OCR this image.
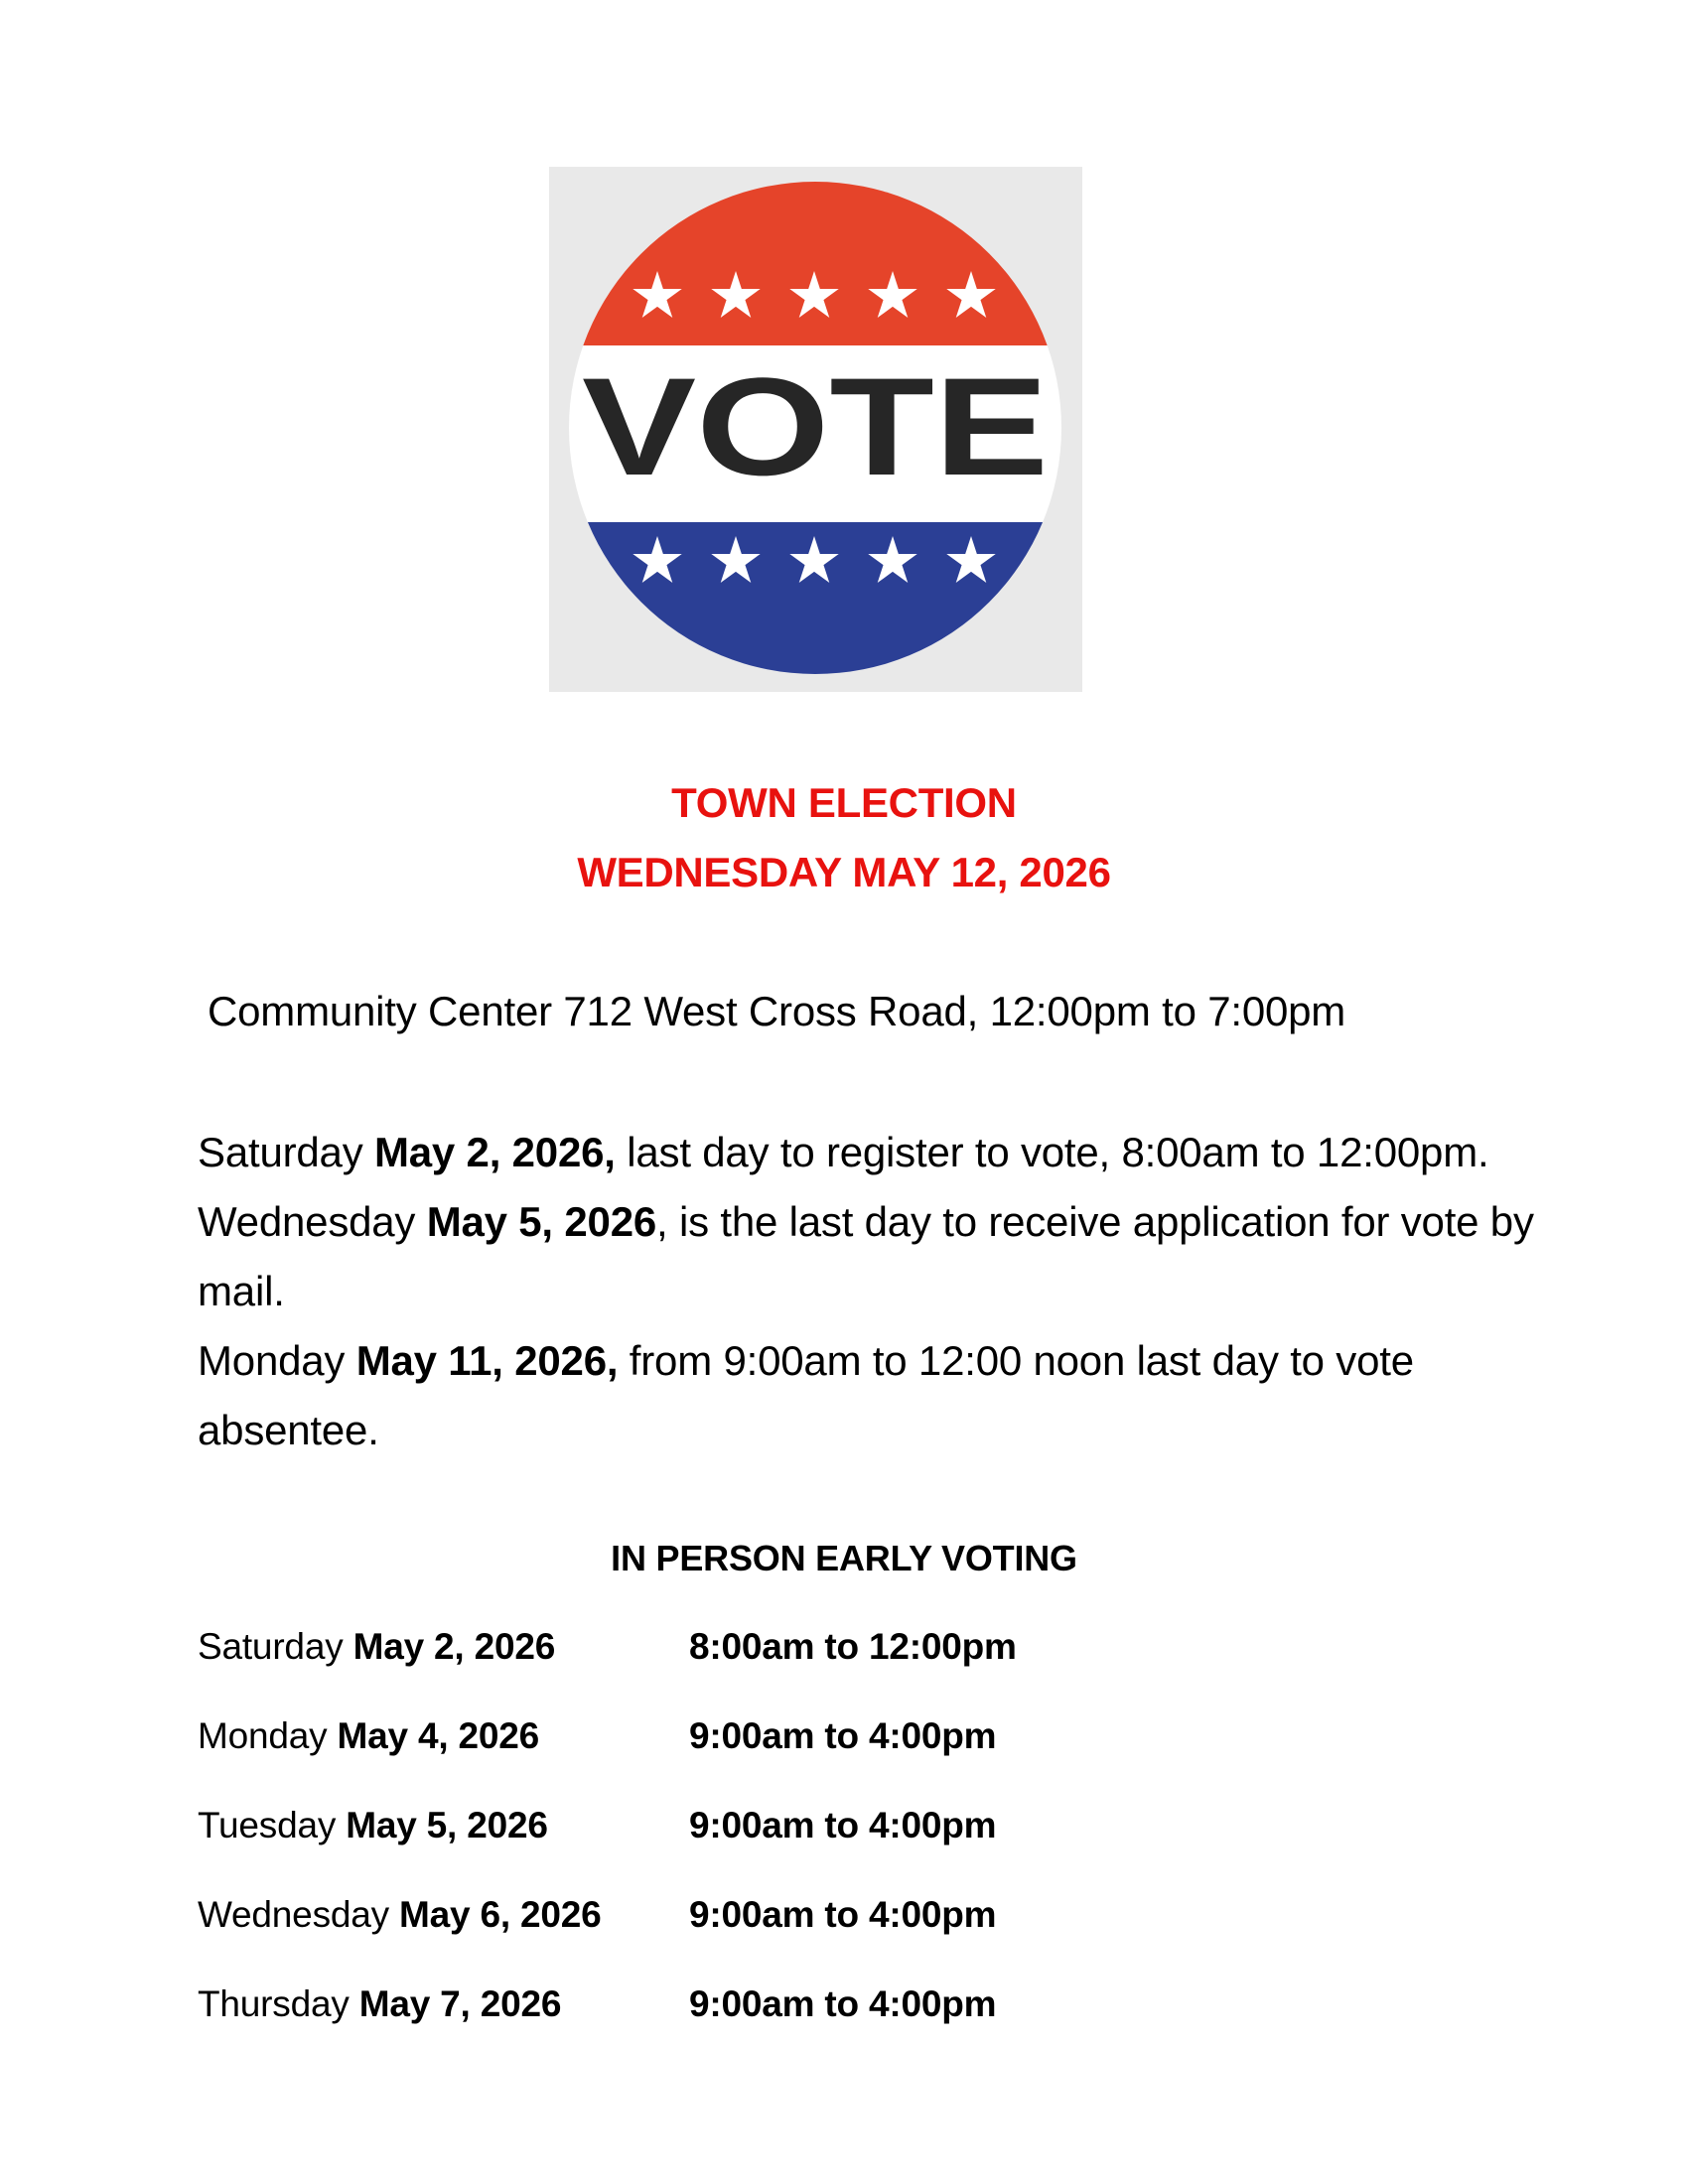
VOTE
TOWN ELECTION
WEDNESDAY MAY 12, 2026
Community Center 712 West Cross Road, 12:00pm to 7:00pm

Saturday May 2, 2026, last day to register to vote, 8:00am to 12:00pm.

Wednesday May 5, 2026, is the last day to receive application for vote by mail.

Monday May 11, 2026, from 9:00am to 12:00 noon last day to vote absentee.

IN PERSON EARLY VOTING
Saturday May 2, 2026	8:00am to 12:00pm
Monday May 4, 2026	9:00am to 4:00pm
Tuesday May 5, 2026	9:00am to 4:00pm
Wednesday May 6, 2026 9:00am to 4:00pm
Thursday May 7, 2026	9:00am to 4:00pm
